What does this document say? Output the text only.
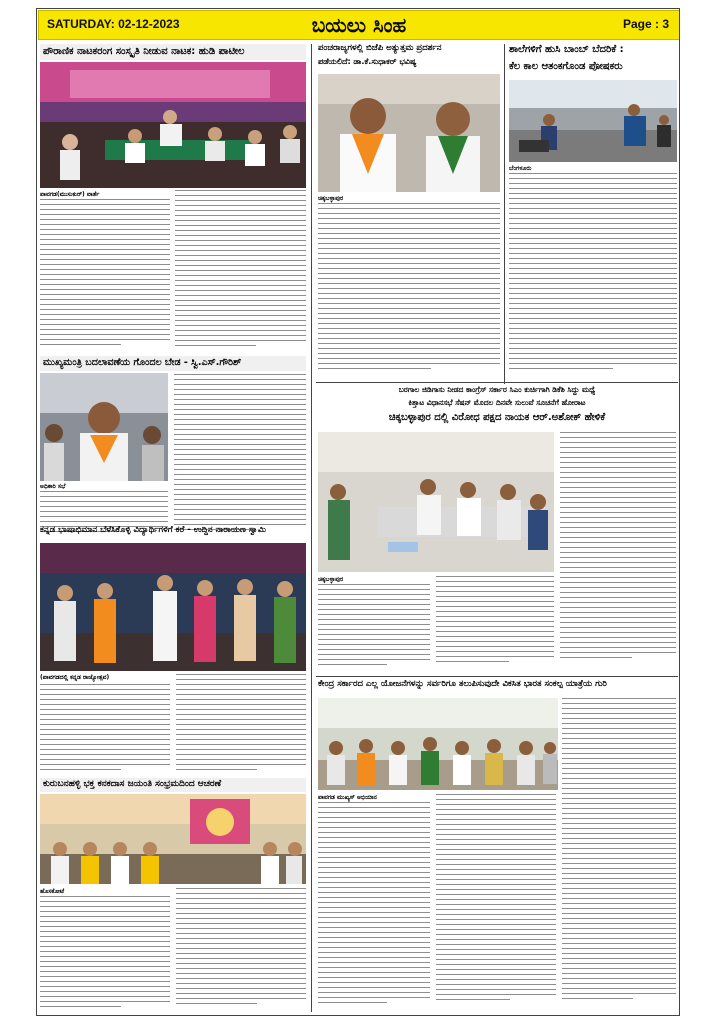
SATURDAY: 02-12-2023	ಬಯಲು ಸಿಂಹ	Page : 3
ಪೌರಾಣಿಕ ನಾಟಕರಂಗ ಸಂಸ್ಕೃತಿ ನೀಡುವ ನಾಟಕ: ಹುಡಿ ಪಾಟೀಲ
ಪಾವಗಡ(ಮುಸುಕುರ್) ವಾರ್ತೆ
ಮುಖ್ಯಮಂತ್ರಿ ಬದಲಾವಣೆಯ ಗೊಂದಲ ಬೇಡ - ಸ್ವಿ.ಎಸ್.ಗೌರಿಶ್
ಅಧಿಕಾರಿ ಸಭೆ
ಕನ್ನಡ ಭಾಷಾಭಿಮಾನ ಬೆಳೆಸಿಕೊಳ್ಳಿ ವಿದ್ಯಾರ್ಥಿಗಳಿಗೆ ಕರೆ - ಉದ್ದಿನ ನಾರಾಯಣ ಸ್ವಾಮಿ
(ಪಾವಗಡದಲ್ಲಿ ಕನ್ನಡ ರಾಜ್ಯೋತ್ಸವ)
ಕುರುಬನಹಳ್ಳಿ ಭಕ್ತ ಕನಕದಾಸ ಜಯಂತಿ ಸಂಭ್ರಮದಿಂದ ಆಚರಣೆ
ಹೊಸಕೋಟೆ
ಪಂಚರಾಜ್ಯಗಳಲ್ಲಿ ಬಿಜೆಪಿ ಅತ್ಯುತ್ತಮ ಪ್ರದರ್ಶನ
ಪಡೆಯಲಿದೆ: ಡಾ.ಕೆ.ಸುಧಾಕರ್ ಭವಿಷ್ಯ
ಚಿಕ್ಕಬಳ್ಳಾಪುರ
ಶಾಲೆಗಳಿಗೆ ಹುಸಿ ಬಾಂಬ್ ಬೆದರಿಕೆ :
ಕೆಲ ಕಾಲ ಆತಂಕಗೊಂಡ ಪೋಷಕರು
ಬೆಂಗಳೂರು
ಬರಗಾಲ ಜಿಡಿಗಾಸು ನೀಡದ ಕಾಂಗ್ರೆಸ್ ಸರ್ಕಾರ ಸಿಎಂ ಕುರ್ಚಿಗಾಗಿ ಡಿಕೆಶಿ ಸಿದ್ದು ಮಧ್ಯೆ
ಕಿತ್ತಾಟ ವಿಧಾನಸಭೆ ಸೆಷನ್ ಮೊದಲ ದಿನವೇ ಸುಲುವೆ ಸೂಚನೆಗೆ ಹೋರಾಟ
ಚಿಕ್ಕಬಳ್ಳಾಪುರ ದಲ್ಲಿ ವಿರೋಧ ಪಕ್ಷದ ನಾಯಕ ಆರ್.ಅಶೋಕ್ ಹೇಳಿಕೆ
ಚಿಕ್ಕಬಳ್ಳಾಪುರ
ಕೇಂದ್ರ ಸರ್ಕಾರದ ಎಲ್ಲ ಯೋಜನೆಗಳನ್ನು ಸರ್ವರಿಗೂ ತಲುಪಿಸುವುದೇ ವಿಕಸಿತ ಭಾರತ ಸಂಕಲ್ಪ ಯಾತ್ರೆಯ ಗುರಿ
ಪಾವಗಡ ಮುಖ್ಯಸ್ ಅಭಿಯಾನ
